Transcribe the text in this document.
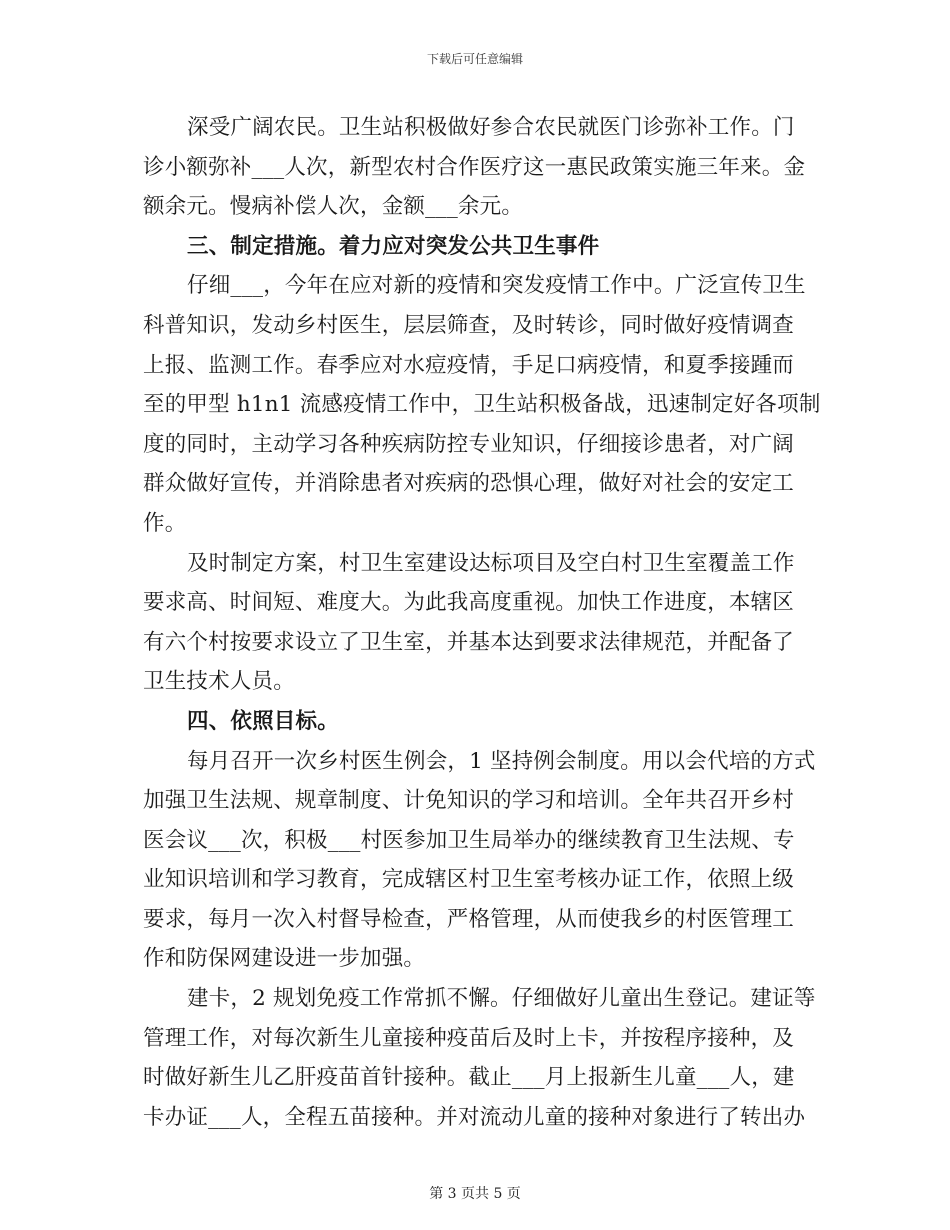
下载后可任意编辑
深受广阔农民。卫生站积极做好参合农民就医门诊弥补工作。门
诊小额弥补___人次，新型农村合作医疗这一惠民政策实施三年来。金
额余元。慢病补偿人次，金额___余元。
三、制定措施。着力应对突发公共卫生事件
仔细___，今年在应对新的疫情和突发疫情工作中。广泛宣传卫生
科普知识，发动乡村医生，层层筛查，及时转诊，同时做好疫情调查
上报、监测工作。春季应对水痘疫情，手足口病疫情，和夏季接踵而
至的甲型 h1n1 流感疫情工作中，卫生站积极备战，迅速制定好各项制
度的同时，主动学习各种疾病防控专业知识，仔细接诊患者，对广阔
群众做好宣传，并消除患者对疾病的恐惧心理，做好对社会的安定工
作。
及时制定方案，村卫生室建设达标项目及空白村卫生室覆盖工作
要求高、时间短、难度大。为此我高度重视。加快工作进度，本辖区
有六个村按要求设立了卫生室，并基本达到要求法律规范，并配备了
卫生技术人员。
四、依照目标。
每月召开一次乡村医生例会，1 坚持例会制度。用以会代培的方式
加强卫生法规、规章制度、计免知识的学习和培训。全年共召开乡村
医会议___次，积极___村医参加卫生局举办的继续教育卫生法规、专
业知识培训和学习教育，完成辖区村卫生室考核办证工作，依照上级
要求，每月一次入村督导检查，严格管理，从而使我乡的村医管理工
作和防保网建设进一步加强。
建卡，2 规划免疫工作常抓不懈。仔细做好儿童出生登记。建证等
管理工作，对每次新生儿童接种疫苗后及时上卡，并按程序接种，及
时做好新生儿乙肝疫苗首针接种。截止___月上报新生儿童___人，建
卡办证___人，全程五苗接种。并对流动儿童的接种对象进行了转出办
第 3 页共 5 页
